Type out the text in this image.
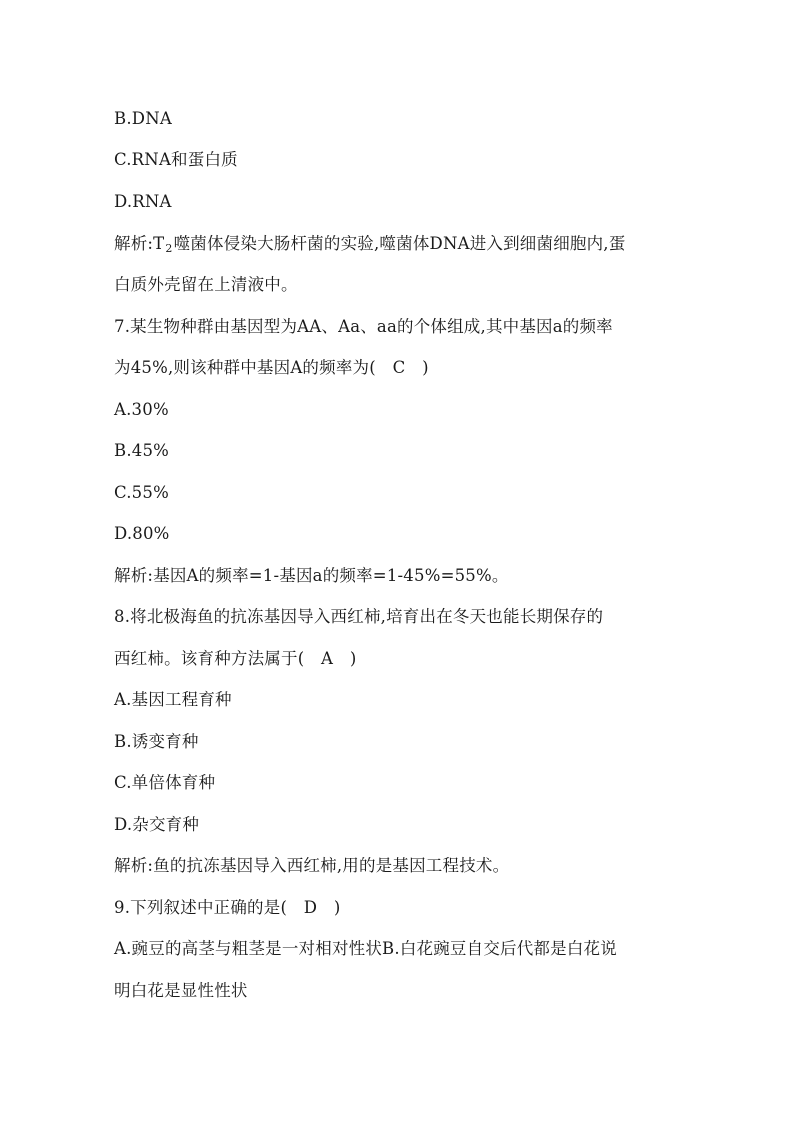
B.DNA
C.RNA和蛋白质
D.RNA
解析$:T_2$噬菌体侵染大肠杆菌的实验,噬菌体DNA进入到细菌细胞内,蛋
白质外壳留在上清液中。
7.某生物种群由基因型为AA、Aa、aa的个体组成,其中基因a的频率
为45%,则该种群中基因A的频率为(　C　)
A.30%
B.45%
C.55%
D.80%
解析:基因A的频率=1-基因a的频率=1-45%=55%。
8.将北极海鱼的抗冻基因导入西红柿,培育出在冬天也能长期保存的
西红柿。该育种方法属于(　A　)
A.基因工程育种
B.诱变育种
C.单倍体育种
D.杂交育种
解析:鱼的抗冻基因导入西红柿,用的是基因工程技术。
9.下列叙述中正确的是(　D　)
A.豌豆的高茎与粗茎是一对相对性状B.白花豌豆自交后代都是白花说
明白花是显性性状
